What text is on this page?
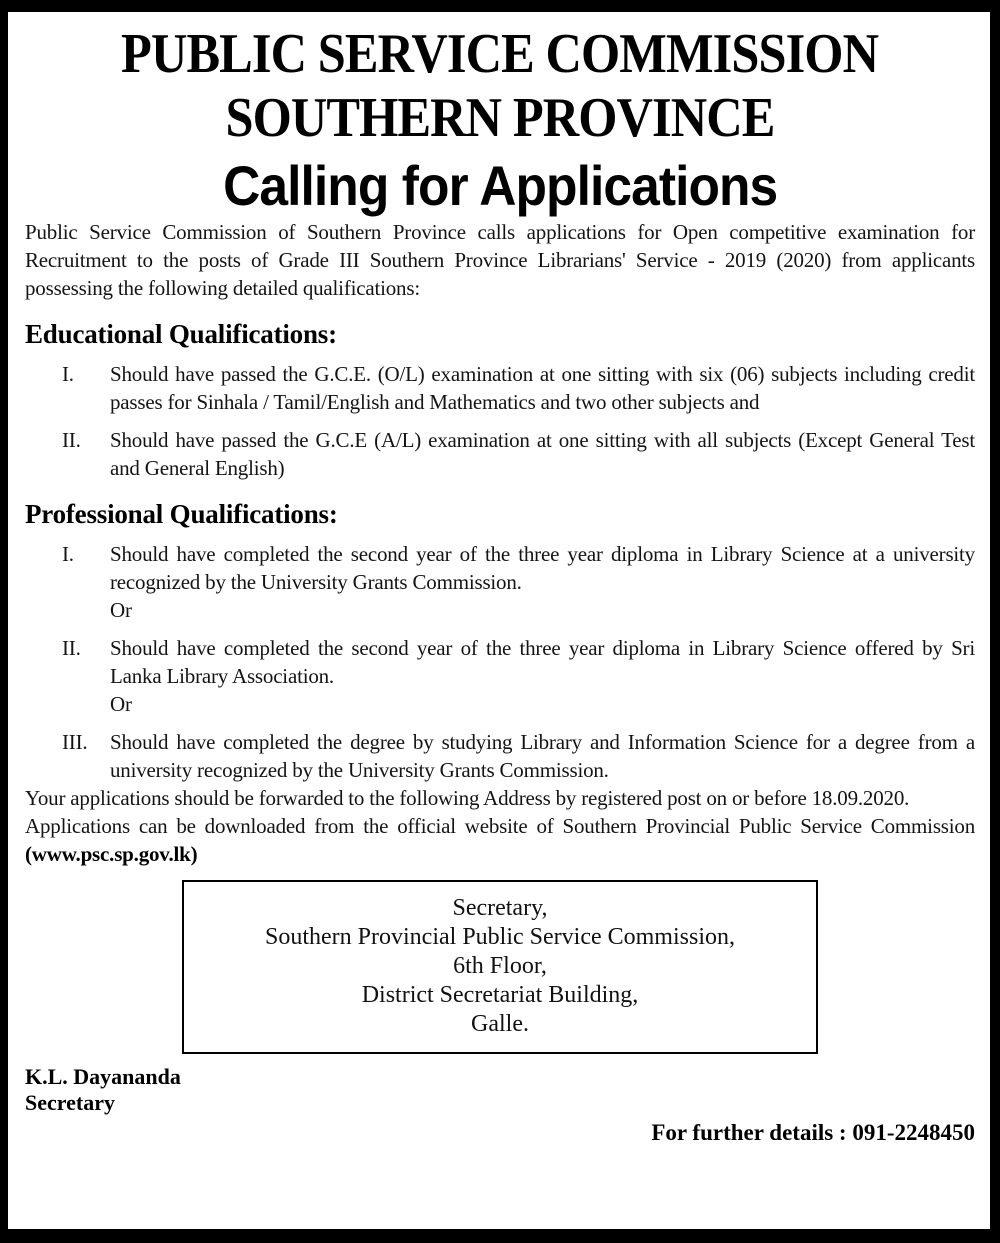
PUBLIC SERVICE COMMISSION
SOUTHERN PROVINCE
Calling for Applications

Public Service Commission of Southern Province calls applications for Open competitive examination for Recruitment to the posts of Grade III Southern Province Librarians' Service - 2019 (2020) from applicants possessing the following detailed qualifications:

Educational Qualifications:
I.	Should have passed the G.C.E. (O/L) examination at one sitting with six (06) subjects including credit passes for Sinhala / Tamil/English and Mathematics and two other subjects and
II.	Should have passed the G.C.E (A/L) examination at one sitting with all subjects (Except General Test and General English)
Professional Qualifications:
I.	Should have completed the second year of the three year diploma in Library Science at a university recognized by the University Grants Commission.
Or
II.	Should have completed the second year of the three year diploma in Library Science offered by Sri Lanka Library Association.
Or
III.	Should have completed the degree by studying Library and Information Science for a degree from a university recognized by the University Grants Commission.

Your applications should be forwarded to the following Address by registered post on or before 18.09.2020.

Applications can be downloaded from the official website of Southern Provincial Public Service Commission (www.psc.sp.gov.lk)

Secretary,
Southern Provincial Public Service Commission,
6th Floor,
District Secretariat Building,
Galle.
K.L. Dayananda
Secretary
For further details : 091-2248450
